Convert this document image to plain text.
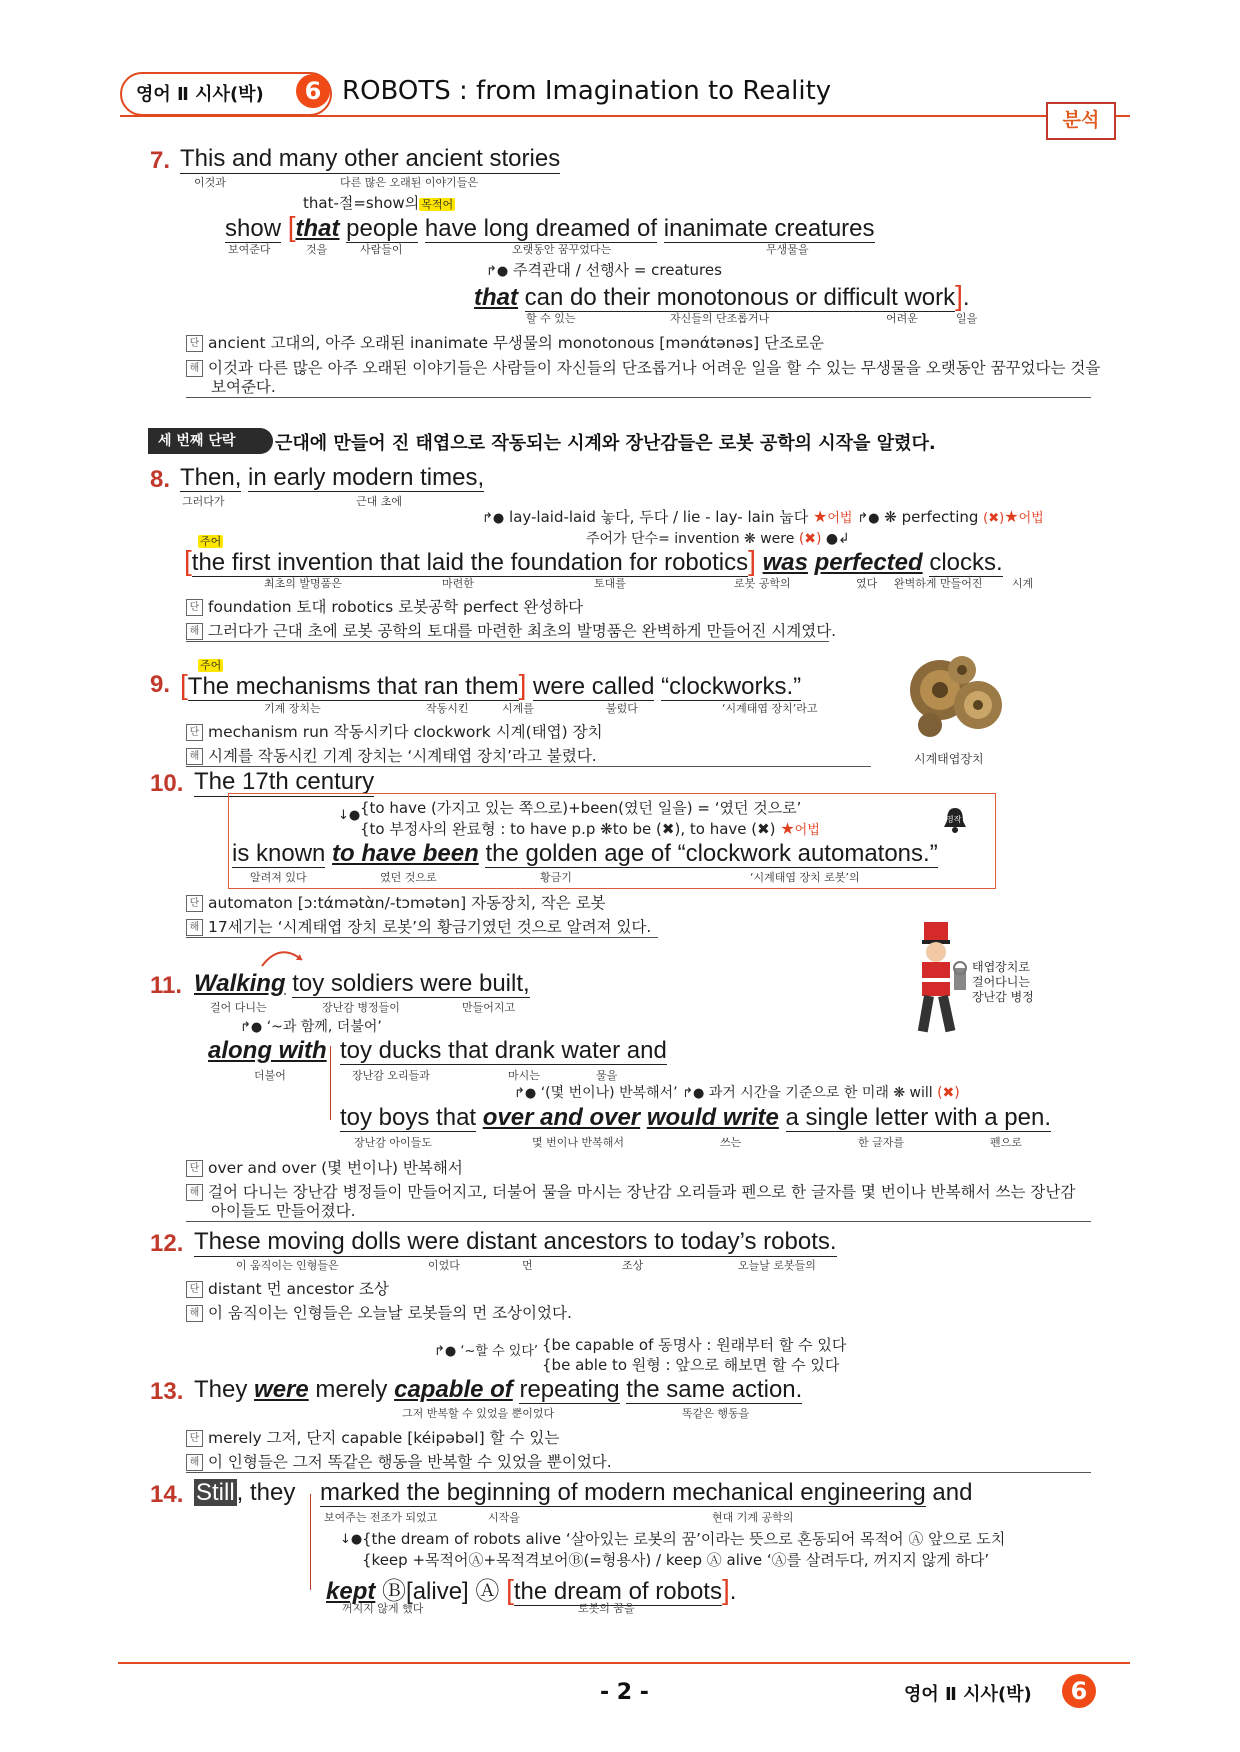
영어 Ⅱ 시사(박)	6 ROBOTS : from Imagination to Reality
분석
7. This and many other ancient stories
이것과	다른 많은 오래된 이야기들은
that-절=show의 목적어
show [that people have long dreamed of inanimate creatures
보여준다	것을	사람들이	오랫동안 꿈꾸었다는	무생물을
↱● 주격관대 / 선행사 = creatures
that can do their monotonous or difficult work].
할 수 있는	자신들의 단조롭거나	어려운	일을
단 ancient 고대의, 아주 오래된 inanimate 무생물의 monotonous [mənάtənəs] 단조로운
해 이것과 다른 많은 아주 오래된 이야기들은 사람들이 자신들의 단조롭거나 어려운 일을 할 수 있는 무생물을 오랫동안 꿈꾸었다는 것을
보여준다.
세 번째 단락	근대에 만들어 진 태엽으로 작동되는 시계와 장난감들은 로봇 공학의 시작을 알렸다.
8. Then, in early modern times,
그러다가	근대 초에
↱● lay-laid-laid 놓다, 두다 / lie - lay- lain 눕다 ★어법 ↱● ❋ perfecting (✖)★어법
주어	주어가 단수= invention ❋ were (✖) ●↲
[the first invention that laid the foundation for robotics] was perfected clocks.
최초의 발명품은	마련한	토대를	로봇 공학의	였다 완벽하게 만들어진	시계
단 foundation 토대 robotics 로봇공학 perfect 완성하다
해 그러다가 근대 초에 로봇 공학의 토대를 마련한 최초의 발명품은 완벽하게 만들어진 시계였다.
주어
9. [The mechanisms that ran them] were called “clockworks.”
기계 장치는	작동시킨	시계를	불렀다	‘시계태엽 장치’라고
단 mechanism run 작동시키다 clockwork 시계(태엽) 장치
해 시계를 작동시킨 기계 장치는 ‘시계태엽 장치’라고 불렸다.	시계태엽장치
10. The 17th century
{to have (가지고 있는 쪽으로)+been(였던 일을) = ‘였던 것으로’
{to 부정사의 완료형 : to have p.p ❋to be (✖), to have (✖) ★어법
↓●	영작
is known to have been the golden age of “clockwork automatons.”
알려져 있다	였던 것으로	황금기	‘시계태엽 장치 로봇’의
단 automaton [ɔ:tάmətὰn/-tɔmətən] 자동장치, 작은 로봇
해 17세기는 ‘시계태엽 장치 로봇’의 황금기였던 것으로 알려져 있다.
11. Walking toy soldiers were built,
걸어 다니는	장난감 병정들이	만들어지고
↱● ‘~과 함께, 더불어’
along with toy ducks that drank water and
더불어	장난감 오리들과	마시는	물을
↱● ‘(몇 번이나) 반복해서’ ↱● 과거 시간을 기준으로 한 미래 ❋ will (✖)
toy boys that over and over would write a single letter with a pen.
장난감 아이들도	몇 번이나 반복해서	쓰는	한 글자를	펜으로
단 over and over (몇 번이나) 반복해서
해 걸어 다니는 장난감 병정들이 만들어지고, 더불어 물을 마시는 장난감 오리들과 펜으로 한 글자를 몇 번이나 반복해서 쓰는 장난감
아이들도 만들어졌다.
태엽장치로
걸어다니는
장난감 병정
12. These moving dolls were distant ancestors to today’s robots.
이 움직이는 인형들은	이었다	먼	조상	오늘날 로봇들의
단 distant 먼 ancestor 조상
해 이 움직이는 인형들은 오늘날 로봇들의 먼 조상이었다.
↱● ‘~할 수 있다’ {be capable of 동명사 : 원래부터 할 수 있다
{be able to 원형 : 앞으로 해보면 할 수 있다
13. They were merely capable of repeating the same action.
그저 반복할 수 있었을 뿐이었다	똑같은 행동을
단 merely 그저, 단지 capable [kéipəbəl] 할 수 있는
해 이 인형들은 그저 똑같은 행동을 반복할 수 있었을 뿐이었다.
14. Still, they marked the beginning of modern mechanical engineering and
보여주는 전조가 되었고	시작을	현대 기계 공학의
↓● {the dream of robots alive ‘살아있는 로봇의 꿈’이라는 뜻으로 혼동되어 목적어 Ⓐ 앞으로 도치
{keep +목적어Ⓐ+목적격보어Ⓑ(=형용사) / keep Ⓐ alive ‘Ⓐ를 살려두다, 꺼지지 않게 하다’
kept Ⓑ[alive] Ⓐ [the dream of robots].
꺼지지 않게 했다	로봇의 꿈을
- 2 -	영어 Ⅱ 시사(박)	6
